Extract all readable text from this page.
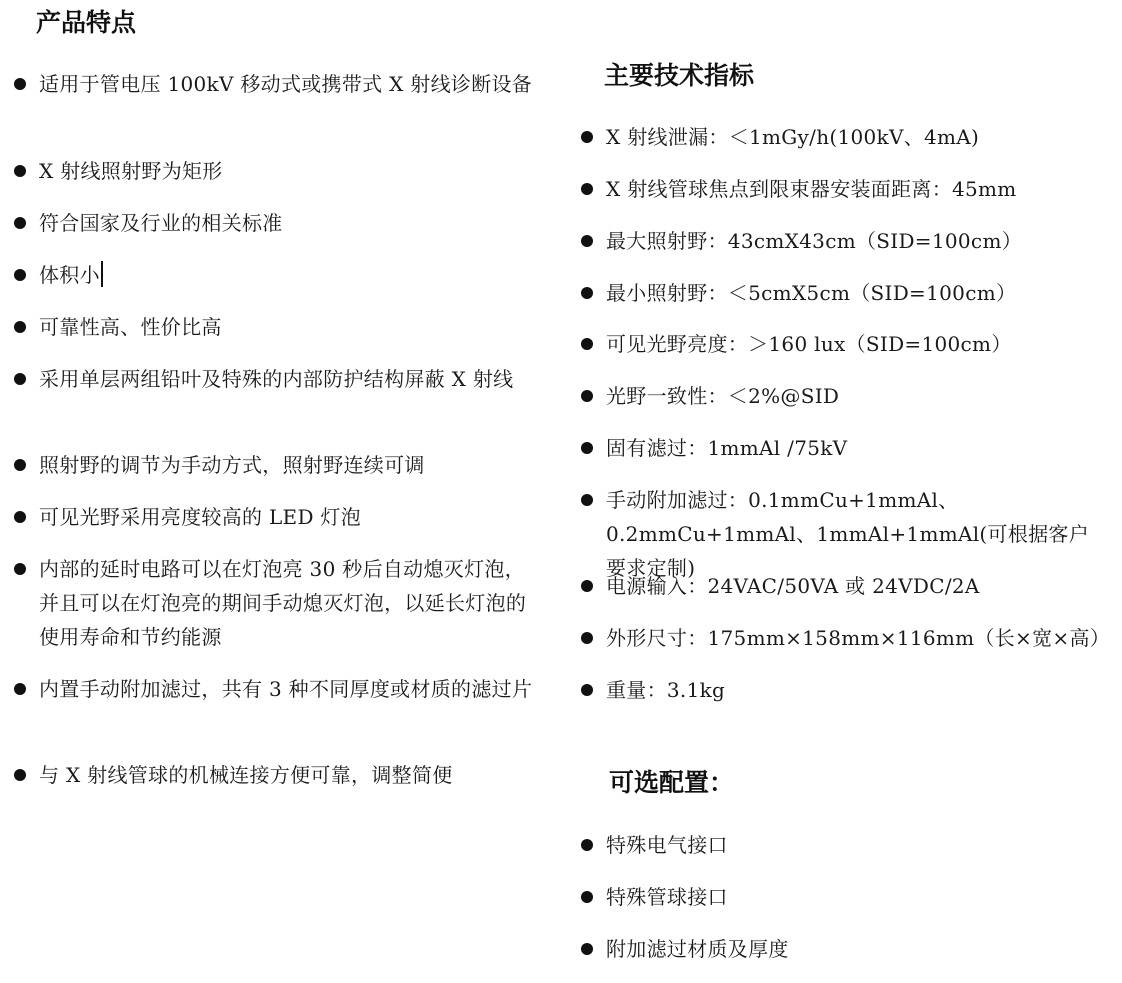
产品特点
适用于管电压 100kV 移动式或携带式 X 射线诊断设备
X 射线照射野为矩形
符合国家及行业的相关标准
体积小
可靠性高、性价比高
采用单层两组铅叶及特殊的内部防护结构屏蔽 X 射线
照射野的调节为手动方式，照射野连续可调
可见光野采用亮度较高的 LED 灯泡
内部的延时电路可以在灯泡亮 30 秒后自动熄灭灯泡，并且可以在灯泡亮的期间手动熄灭灯泡，以延长灯泡的使用寿命和节约能源
内置手动附加滤过，共有 3 种不同厚度或材质的滤过片
与 X 射线管球的机械连接方便可靠，调整简便
主要技术指标
X 射线泄漏：＜1mGy/h(100kV、4mA)
X 射线管球焦点到限束器安装面距离：45mm
最大照射野：43cmX43cm（SID=100cm）
最小照射野：＜5cmX5cm（SID=100cm）
可见光野亮度：＞160 lux（SID=100cm）
光野一致性：＜2%@SID
固有滤过：1mmAl /75kV
手动附加滤过：0.1mmCu+1mmAl、0.2mmCu+1mmAl、1mmAl+1mmAl(可根据客户要求定制)
电源输入：24VAC/50VA 或 24VDC/2A
外形尺寸：175mm×158mm×116mm（长×宽×高）
重量：3.1kg
可选配置：
特殊电气接口
特殊管球接口
附加滤过材质及厚度
